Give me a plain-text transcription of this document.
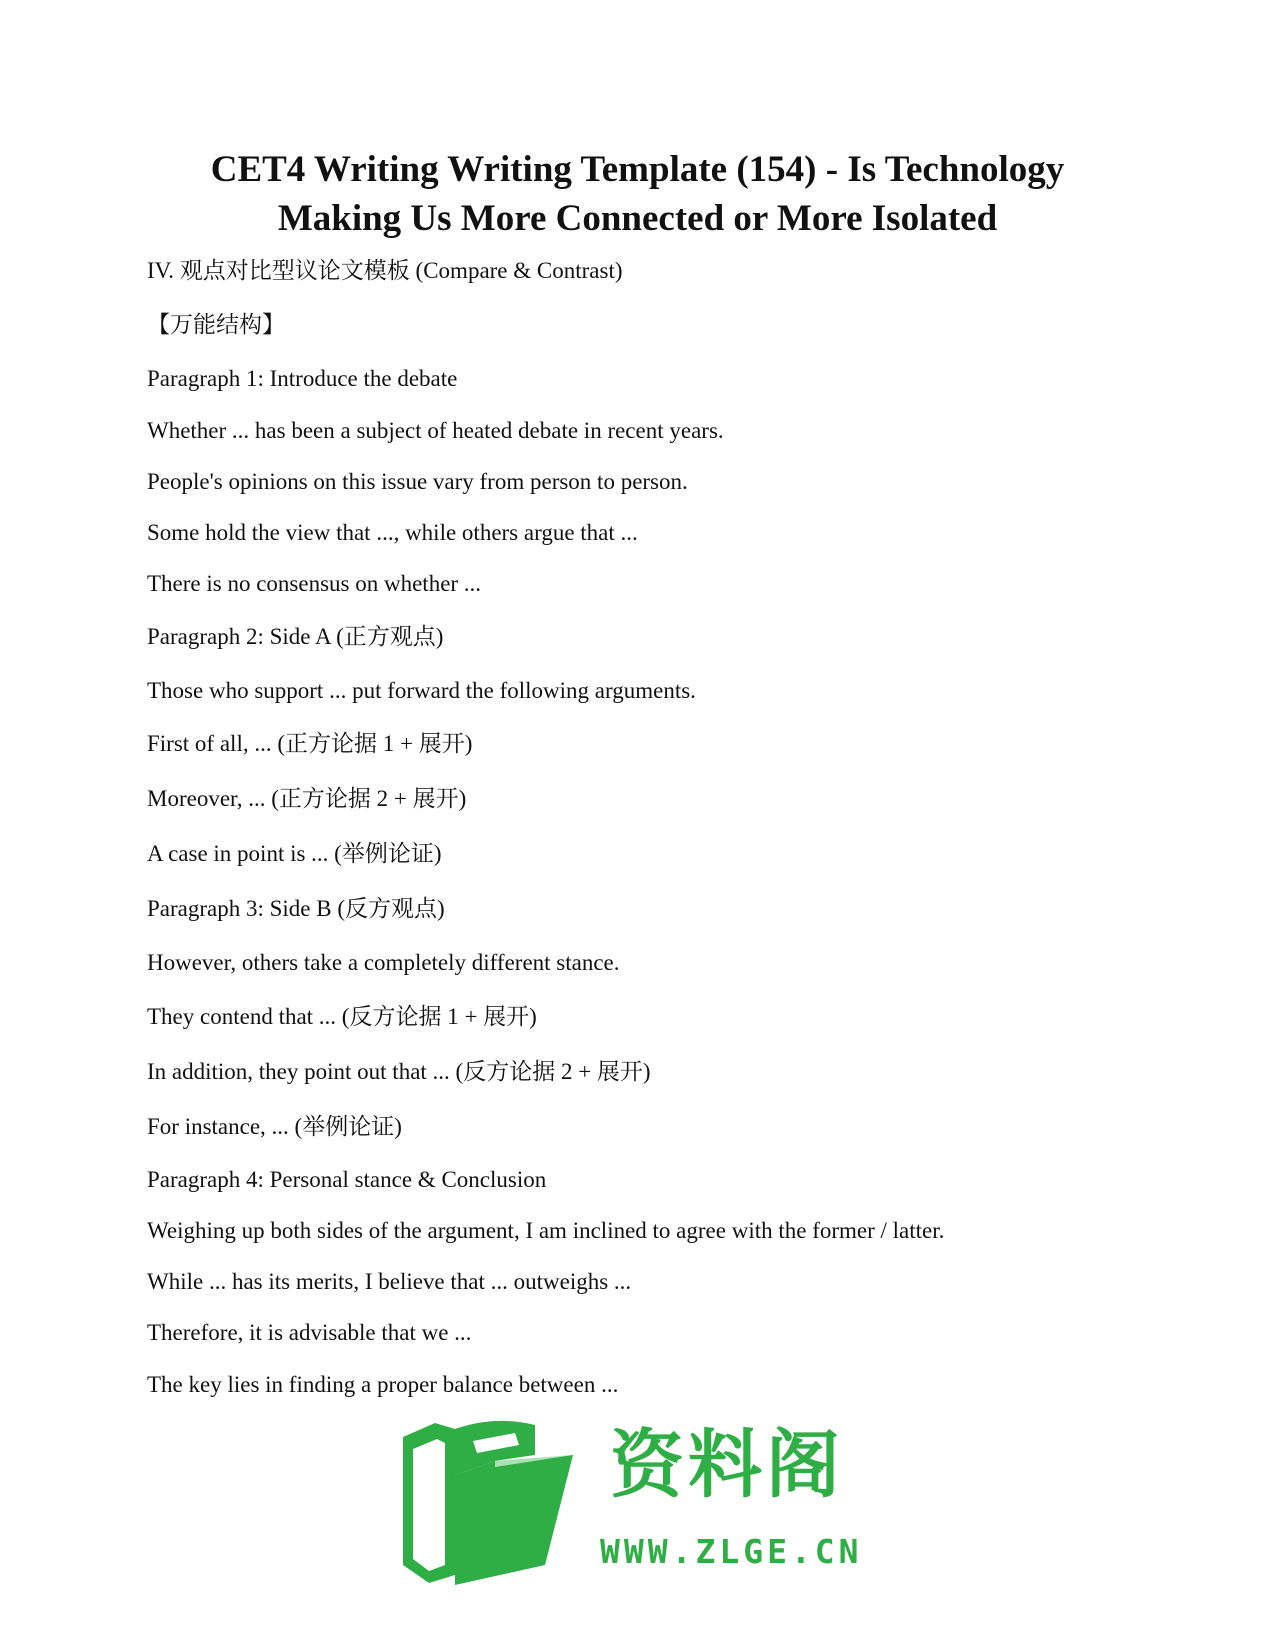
CET4 Writing Writing Template (154) - Is Technology
Making Us More Connected or More Isolated
IV. 观点对比型议论文模板 (Compare & Contrast)
【万能结构】
Paragraph 1: Introduce the debate
Whether ... has been a subject of heated debate in recent years.
People's opinions on this issue vary from person to person.
Some hold the view that ..., while others argue that ...
There is no consensus on whether ...
Paragraph 2: Side A (正方观点)
Those who support ... put forward the following arguments.
First of all, ... (正方论据 1 + 展开)
Moreover, ... (正方论据 2 + 展开)
A case in point is ... (举例论证)
Paragraph 3: Side B (反方观点)
However, others take a completely different stance.
They contend that ... (反方论据 1 + 展开)
In addition, they point out that ... (反方论据 2 + 展开)
For instance, ... (举例论证)
Paragraph 4: Personal stance & Conclusion
Weighing up both sides of the argument, I am inclined to agree with the former / latter.
While ... has its merits, I believe that ... outweighs ...
Therefore, it is advisable that we ...
The key lies in finding a proper balance between ...
资料阁
WWW.ZLGE.CN
